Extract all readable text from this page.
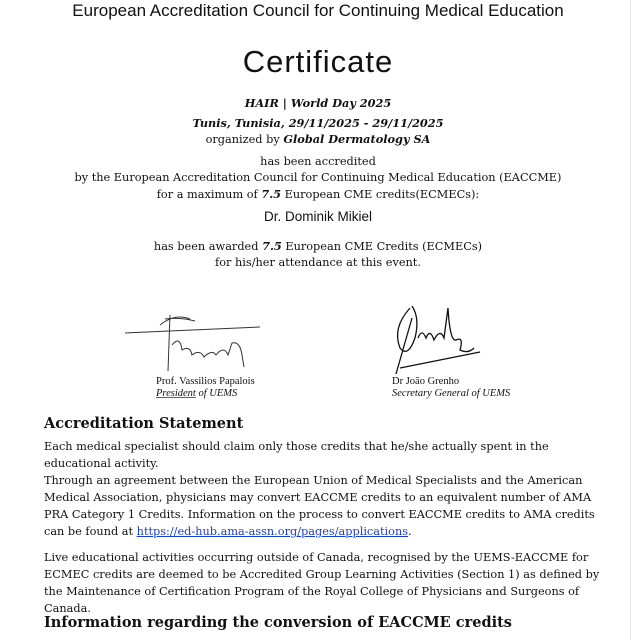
European Accreditation Council for Continuing Medical Education
Certificate
HAIR | World Day 2025
Tunis, Tunisia, 29/11/2025 - 29/11/2025
organized by Global Dermatology SA
has been accredited
by the European Accreditation Council for Continuing Medical Education (EACCME)
for a maximum of 7.5 European CME credits(ECMECs):
Dr. Dominik Mikiel
has been awarded 7.5 European CME Credits (ECMECs)
for his/her attendance at this event.
Prof. Vassilios Papalois
President of UEMS
Dr João Grenho
Secretary General of UEMS
Accreditation Statement

Each medical specialist should claim only those credits that he/she actually spent in the educational activity.

Through an agreement between the European Union of Medical Specialists and the American Medical Association, physicians may convert EACCME credits to an equivalent number of AMA PRA Category 1 Credits. Information on the process to convert EACCME credits to AMA credits can be found at https://ed-hub.ama-assn.org/pages/applications.

Live educational activities occurring outside of Canada, recognised by the UEMS-EACCME for ECMEC credits are deemed to be Accredited Group Learning Activities (Section 1) as defined by the Maintenance of Certification Program of the Royal College of Physicians and Surgeons of Canada.

Information regarding the conversion of EACCME credits
